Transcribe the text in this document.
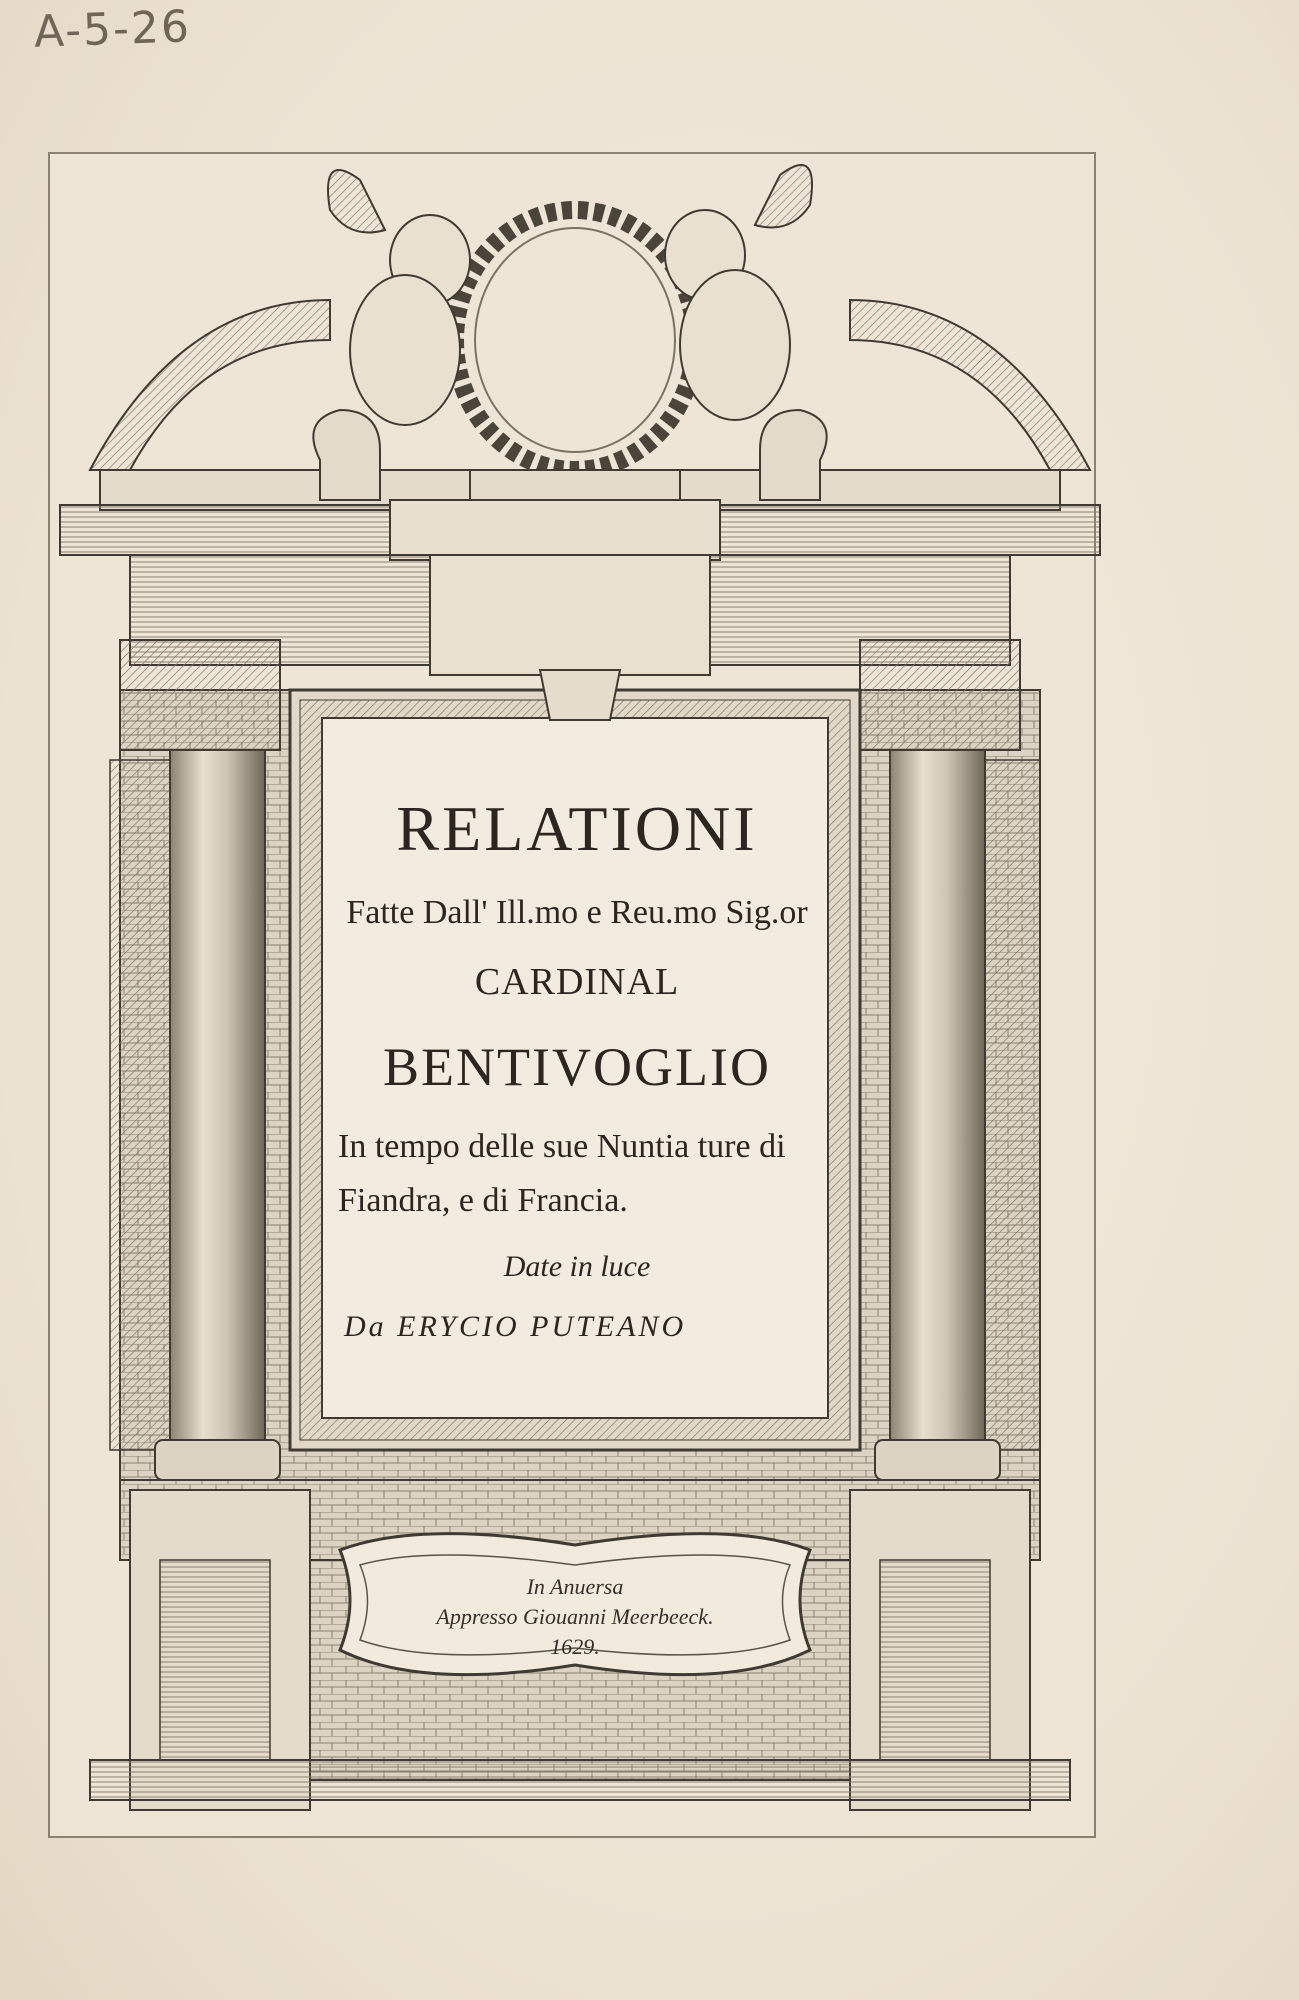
A-5-26
RELATIONI
Fatte Dall' Ill.mo e Reu.mo Sig.or
CARDINAL
BENTIVOGLIO
In tempo delle sue Nuntia ture di Fiandra, e di Francia.
Date in luce
Da ERYCIO PUTEANO
In Anuersa
Appresso Giouanni Meerbeeck.
1629.
